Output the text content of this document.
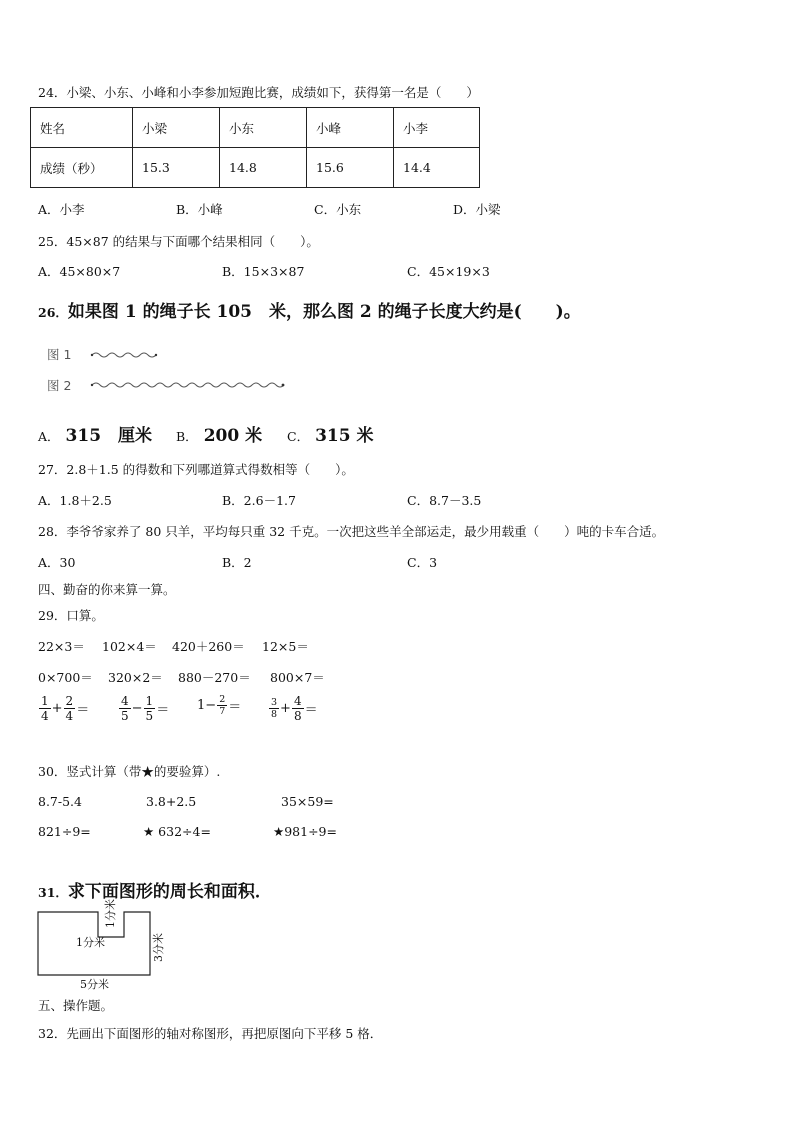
24．小梁、小东、小峰和小李参加短跑比赛，成绩如下，获得第一名是（　　）
姓名	小梁	小东	小峰	小李
成绩（秒）	15.3	14.8	15.6	14.4
A．小李	B．小峰	C．小东	D．小梁
25．45×87 的结果与下面哪个结果相同（　　）。
A．45×80×7	B．15×3×87	C．45×19×3
26．如果图 1 的绳子长 105　米，那么图 2 的绳子长度大约是(　　)。
图 1
图 2
A． 315　厘米 B． 200 米 C． 315 米
27．2.8＋1.5 的得数和下列哪道算式得数相等（　　）。
A．1.8＋2.5	B．2.6－1.7	C．8.7－3.5
28．李爷爷家养了 80 只羊，平均每只重 32 千克。一次把这些羊全部运走，最少用载重（　　）吨的卡车合适。
A．30	B．2	C．3
四、勤奋的你来算一算。
29．口算。
22×3＝ 102×4＝ 420＋260＝ 12×5＝
0×700＝ 320×2＝ 880－270＝ 800×7＝
$\frac{1}{4} + \frac{2}{4} = \frac{4}{5} - \frac{1}{5} = 1 - \frac{2}{7}$ ＝	$\frac{3}{8} + \frac{4}{8}$ ＝
30．竖式计算（带★的要验算）.
8.7-5.4	3.8+2.5	35×59=
821÷9=	★ 632÷4=	★981÷9=
31．求下面图形的周长和面积．
1分米
1分米
3分米
5分米
五、操作题。
32．先画出下面图形的轴对称图形，再把原图向下平移 5 格．
